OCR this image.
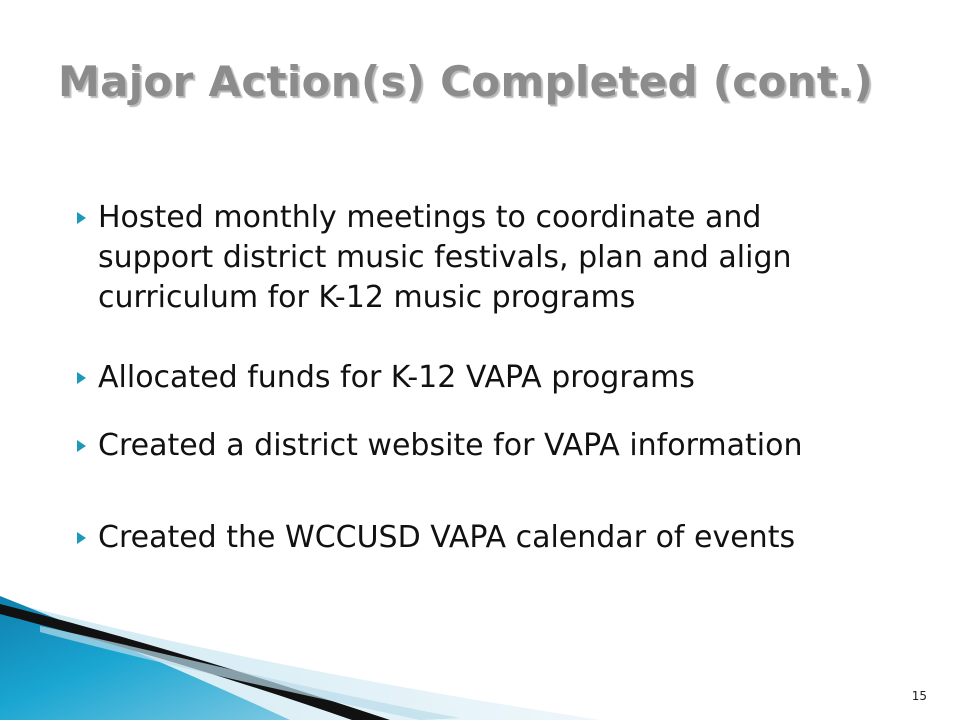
Major Action(s) Completed (cont.)
Hosted monthly meetings to coordinate and
support district music festivals, plan and align
curriculum for K-12 music programs
Allocated funds for K-12 VAPA programs
Created a district website for VAPA information
Created the WCCUSD VAPA calendar of events
15
